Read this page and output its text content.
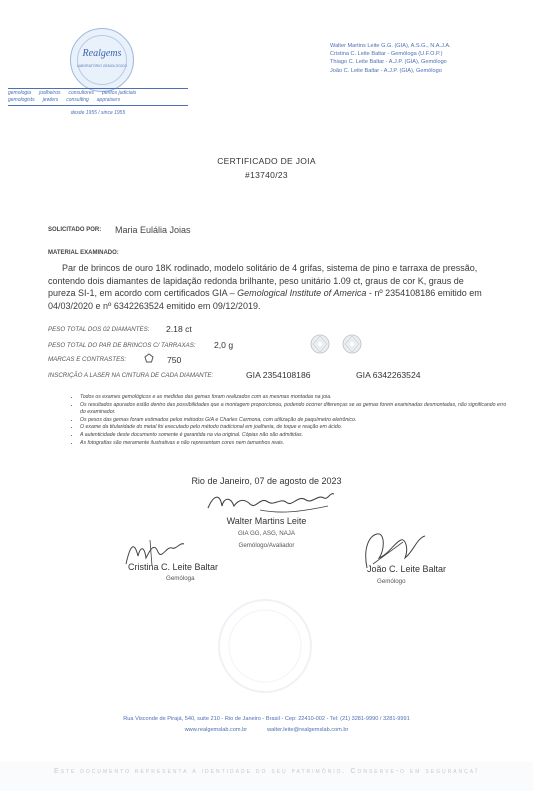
Realgems
LABORATÓRIO GEMOLÓGICO
gemologia joalheiros consultores peritos judiciais
gemologists jewlers consulting appraisers
desde 1955 / since 1955
Walter Martins Leite G.G. (GIA), A.S.G., N.A.J.A.
Cristina C. Leite Baltar - Gemóloga (U.F.O.P.)
Thiago C. Leite Baltar - A.J.P. (GIA), Gemólogo
João C. Leite Baltar - A.J.P. (GIA), Gemólogo
CERTIFICADO DE JOIA
#13740/23
SOLICITADO POR: Maria Eulália Joias
MATERIAL EXAMINADO:
Par de brincos de ouro 18K rodinado, modelo solitário de 4 grifas, sistema de pino e tarraxa de pressão, contendo dois diamantes de lapidação redonda brilhante, peso unitário 1.09 ct, graus de cor K, graus de pureza SI-1, em acordo com certificados GIA – Gemological Institute of America - nº 2354108186 emitido em 04/03/2020 e nº 6342263524 emitido em 09/12/2019.
PESO TOTAL DOS 02 DIAMANTES: 2.18 ct
PESO TOTAL DO PAR DE BRINCOS C/ TARRAXAS: 2,0 g
MARCAS E CONTRASTES:	750
INSCRIÇÃO A LASER NA CINTURA DE CADA DIAMANTE:	GIA 2354108186	GIA 6342263524
• Todos os exames gemológicos e as medidas das gemas foram realizados com as mesmas montadas na joia.
• Os resultados apurados estão dentro das possibilidades que a montagem proporcionou, podendo ocorrer diferenças se as gemas forem examinadas desmontadas, não significando erro do examinador.
• Os pesos das gemas foram estimados pelos métodos GIA e Charles Carmona, com utilização de paquímetro eletrônico.
• O exame da titularidade do metal foi executado pelo método tradicional em joalheria, de toque e reação em ácido.
• A autenticidade deste documento somente é garantida na via original. Cópias não são admitidas.
• As fotografias são meramente ilustrativas e não representam cores nem tamanhos reais.
Rio de Janeiro, 07 de agosto de 2023
Walter Martins Leite
GIA GG, ASG, NAJA
Gemólogo/Avaliador
Cristina C. Leite Baltar
Gemóloga
João C. Leite Baltar
Gemólogo
Rua Visconde de Pirajá, 540, suite 210 - Rio de Janeiro - Brasil - Cep: 22410-002 - Tel: (21) 3281-9990 / 3281-9991
www.realgemslab.com.br	walter.leite@realgemslab.com.br
Este documento representa a identidade do seu patrimônio. Conserve-o em segurança!
